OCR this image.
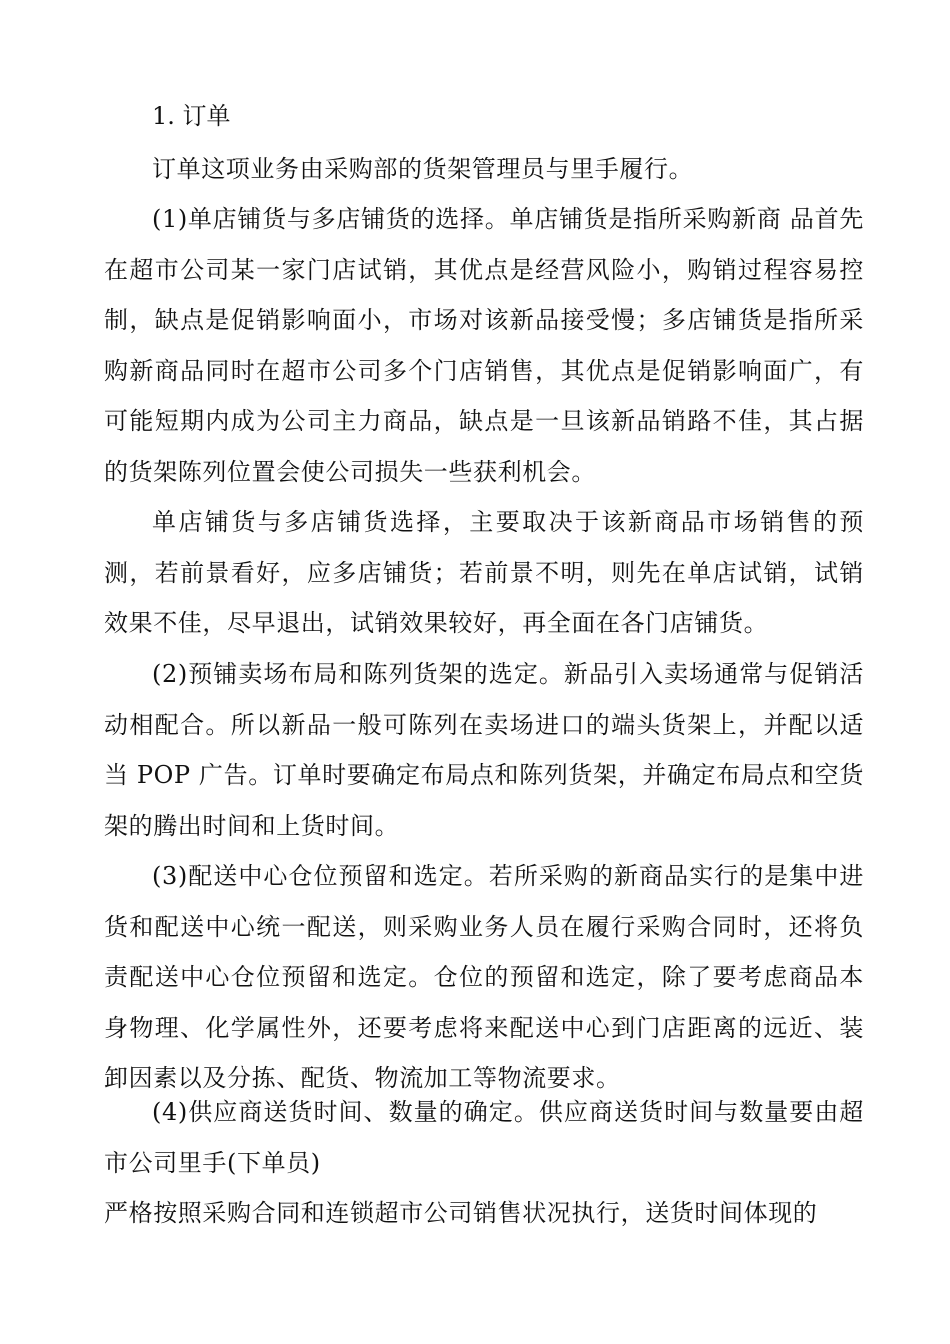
1. 订单

订单这项业务由采购部的货架管理员与里手履行。

(1)单店铺货与多店铺货的选择。单店铺货是指所采购新商 品首先在超市公司某一家门店试销，其优点是经营风险小，购销过程容易控制，缺点是促销影响面小，市场对该新品接受慢；多店铺货是指所采购新商品同时在超市公司多个门店销售，其优点是促销影响面广，有可能短期内成为公司主力商品，缺点是一旦该新品销路不佳，其占据的货架陈列位置会使公司损失一些获利机会。

单店铺货与多店铺货选择，主要取决于该新商品市场销售的预测，若前景看好，应多店铺货；若前景不明，则先在单店试销，试销效果不佳，尽早退出，试销效果较好，再全面在各门店铺货。

(2)预铺卖场布局和陈列货架的选定。新品引入卖场通常与促销活动相配合。所以新品一般可陈列在卖场进口的端头货架上，并配以适当 POP 广告。订单时要确定布局点和陈列货架，并确定布局点和空货架的腾出时间和上货时间。

(3)配送中心仓位预留和选定。若所采购的新商品实行的是集中进货和配送中心统一配送，则采购业务人员在履行采购合同时，还将负责配送中心仓位预留和选定。仓位的预留和选定，除了要考虑商品本身物理、化学属性外，还要考虑将来配送中心到门店距离的远近、装卸因素以及分拣、配货、物流加工等物流要求。

(4)供应商送货时间、数量的确定。供应商送货时间与数量要由超市公司里手(下单员)

严格按照采购合同和连锁超市公司销售状况执行，送货时间体现的
